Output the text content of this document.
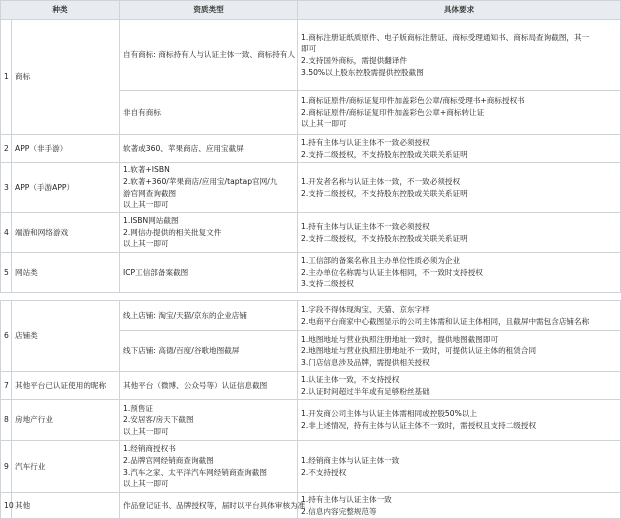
种类		资质类型	具体要求
1	商标	自有商标: 商标持有人与认证主体一致、商标持有人	1.商标注册证纸质原件、电子版商标注册证、商标受理通知书、商标局查询截图，其一
即可
2.支持国外商标，需提供翻译件
3.50%以上股东控股需提供控股截图

		非自有商标	1.商标证原件/商标证复印件加盖彩色公章/商标受理书+商标授权书
2.商标证原件/商标证复印件加盖彩色公章+商标转让证
以上其一即可

2	APP（非手游）	软著或360、苹果商店、应用宝截屏	1.持有主体与认证主体不一致必须授权
2.支持二级授权，不支持股东控股或关联关系证明

3	APP（手游APP）	1.软著+ISBN
2.软著+360/苹果商店/应用宝/taptap官网/九
游官网查询截图
以上其一即可	1.开发者名称与认证主体一致，不一致必须授权
2.支持二级授权，不支持股东控股或关联关系证明

4	端游和网络游戏	1.ISBN网站截图
2.网信办提供的相关批复文件
以上其一即可	1.持有主体与认证主体不一致必须授权
2.支持二级授权，不支持股东控股或关联关系证明

5	网站类	ICP工信部备案截图	1.工信部的备案名称且主办单位性质必须为企业
2.主办单位名称需与认证主体相同，不一致时支持授权
3.支持二级授权

6	店铺类	线上店铺: 淘宝/天猫/京东的企业店铺	1.字段不得体现淘宝、天猫、京东字样
2.电商平台商家中心截图显示的公司主体需和认证主体相同，且截屏中需包含店铺名称

		线下店铺: 高德/百度/谷歌地图截屏	1.地图地址与营业执照注册地址一致时，提供地图截图即可
2.地图地址与营业执照注册地址不一致时，可提供认证主体的租赁合同
3.门店信息涉及品牌，需提供相关授权

7	其他平台已认证使用的昵称	其他平台（微博、公众号等）认证信息截图	1.认证主体一致，不支持授权
2.认证时间超过半年或有足够粉丝基础

8	房地产行业	1.预售证
2.安居客/房天下截图
以上其一即可	1.开发商公司主体与认证主体需相同或控股50%以上
2.非上述情况，持有主体与认证主体不一致时，需授权且支持二级授权

9	汽车行业	1.经销商授权书
2.品牌官网经销商查询截图
3.汽车之家、太平洋汽车网经销商查询截图
以上其一即可	1.经销商主体与认证主体一致
2.不支持授权

10	其他	作品登记证书、品牌授权等，届时以平台具体审核为准	1.持有主体与认证主体一致
2.信息内容完整规范等
